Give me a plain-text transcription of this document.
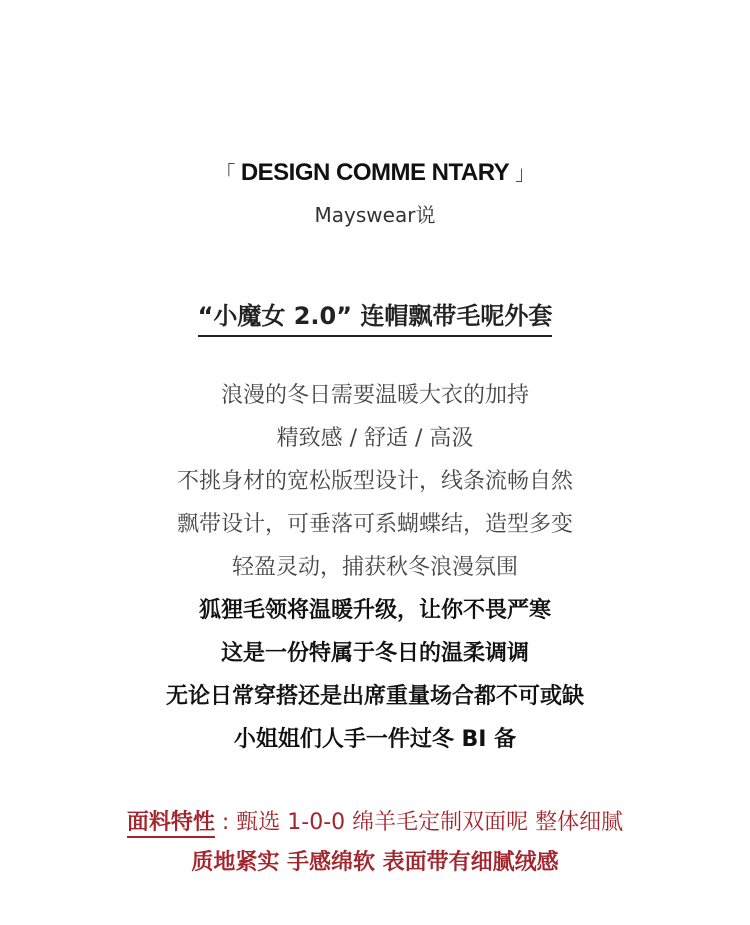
「 DESIGN COMME NTARY 」
Mayswear说
“小魔女 2.0” 连帽飘带毛呢外套
浪漫的冬日需要温暖大衣的加持
精致感 / 舒适 / 高汲
不挑身材的宽松版型设计，线条流畅自然
飘带设计，可垂落可系蝴蝶结，造型多变
轻盈灵动，捕获秋冬浪漫氛围
狐狸毛领将温暖升级，让你不畏严寒
这是一份特属于冬日的温柔调调
无论日常穿搭还是出席重量场合都不可或缺
小姐姐们人手一件过冬 BI 备
面料特性 : 甄选 1-0-0 绵羊毛定制双面呢 整体细腻
质地紧实 手感绵软 表面带有细腻绒感
